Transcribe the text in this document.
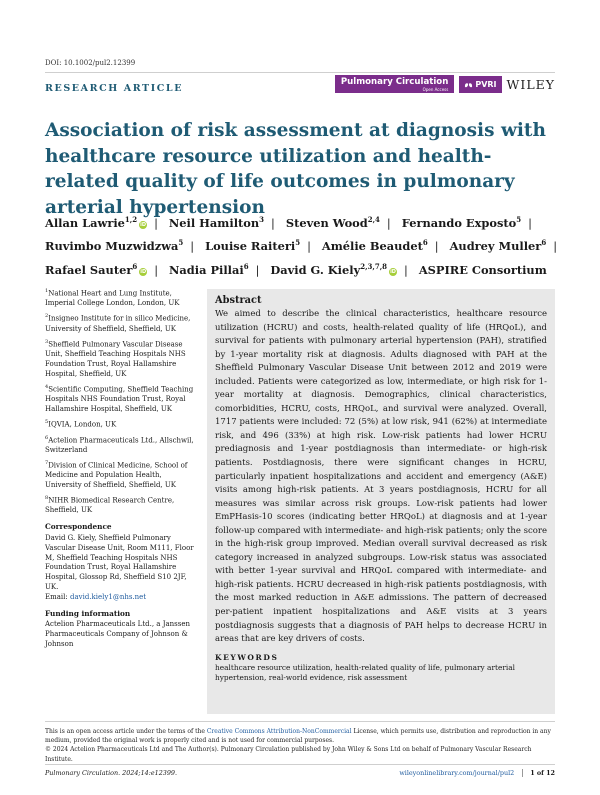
DOI: 10.1002/pul2.12399
RESEARCH ARTICLE
Pulmonary Circulation
Open Access
PVRI WILEY
Association of risk assessment at diagnosis with healthcare resource utilization and health-related quality of life outcomes in pulmonary arterial hypertension
Allan Lawrie$^{1,2}$iD | Neil Hamilton$^3$ | Steven Wood$^{2,4}$ | Fernando Exposto$^5$ | Ruvimbo Muzwidzwa$^5$ | Louise Raiteri$^5$ | Amélie Beaudet$^6$ | Audrey Muller$^6$ | Rafael Sauter$^6$iD | Nadia Pillai$^6$ | David G. Kiely$^{2,3,7,8}$iD | ASPIRE Consortium

$^1$National Heart and Lung Institute, Imperial College London, London, UK

$^2$Insigneo Institute for in silico Medicine, University of Sheffield, Sheffield, UK

$^3$Sheffield Pulmonary Vascular Disease Unit, Sheffield Teaching Hospitals NHS Foundation Trust, Royal Hallamshire Hospital, Sheffield, UK

$^4$Scientific Computing, Sheffield Teaching Hospitals NHS Foundation Trust, Royal Hallamshire Hospital, Sheffield, UK

$^5$IQVIA, London, UK

$^6$Actelion Pharmaceuticals Ltd., Allschwil, Switzerland

$^7$Division of Clinical Medicine, School of Medicine and Population Health, University of Sheffield, Sheffield, UK

$^8$NIHR Biomedical Research Centre, Sheffield, UK

Correspondence

David G. Kiely, Sheffield Pulmonary Vascular Disease Unit, Room M111, Floor M, Sheffield Teaching Hospitals NHS Foundation Trust, Royal Hallamshire Hospital, Glossop Rd, Sheffield S10 2JF, UK.

Email: david.kiely1@nhs.net

Funding information

Actelion Pharmaceuticals Ltd., a Janssen Pharmaceuticals Company of Johnson & Johnson

Abstract

We aimed to describe the clinical characteristics, healthcare resource utilization (HCRU) and costs, health-related quality of life (HRQoL), and survival for patients with pulmonary arterial hypertension (PAH), stratified by 1-year mortality risk at diagnosis. Adults diagnosed with PAH at the Sheffield Pulmonary Vascular Disease Unit between 2012 and 2019 were included. Patients were categorized as low, intermediate, or high risk for 1-year mortality at diagnosis. Demographics, clinical characteristics, comorbidities, HCRU, costs, HRQoL, and survival were analyzed. Overall, 1717 patients were included: 72 (5%) at low risk, 941 (62%) at intermediate risk, and 496 (33%) at high risk. Low-risk patients had lower HCRU prediagnosis and 1-year postdiagnosis than intermediate- or high-risk patients. Postdiagnosis, there were significant changes in HCRU, particularly inpatient hospitalizations and accident and emergency (A&E) visits among high-risk patients. At 3 years postdiagnosis, HCRU for all measures was similar across risk groups. Low-risk patients had lower EmPHasis-10 scores (indicating better HRQoL) at diagnosis and at 1-year follow-up compared with intermediate- and high-risk patients; only the score in the high-risk group improved. Median overall survival decreased as risk category increased in analyzed subgroups. Low-risk status was associated with better 1-year survival and HRQoL compared with intermediate- and high-risk patients. HCRU decreased in high-risk patients postdiagnosis, with the most marked reduction in A&E admissions. The pattern of decreased per-patient inpatient hospitalizations and A&E visits at 3 years postdiagnosis suggests that a diagnosis of PAH helps to decrease HCRU in areas that are key drivers of costs.

KEYWORDS

healthcare resource utilization, health-related quality of life, pulmonary arterial hypertension, real-world evidence, risk assessment

This is an open access article under the terms of the Creative Commons Attribution-NonCommercial License, which permits use, distribution and reproduction in any medium, provided the original work is properly cited and is not used for commercial purposes.

© 2024 Actelion Pharmaceuticals Ltd and The Author(s). Pulmonary Circulation published by John Wiley & Sons Ltd on behalf of Pulmonary Vascular Research Institute.

Pulmonary Circulation. 2024;14:e12399.	wileyonlinelibrary.com/journal/pul2	1 of 12
